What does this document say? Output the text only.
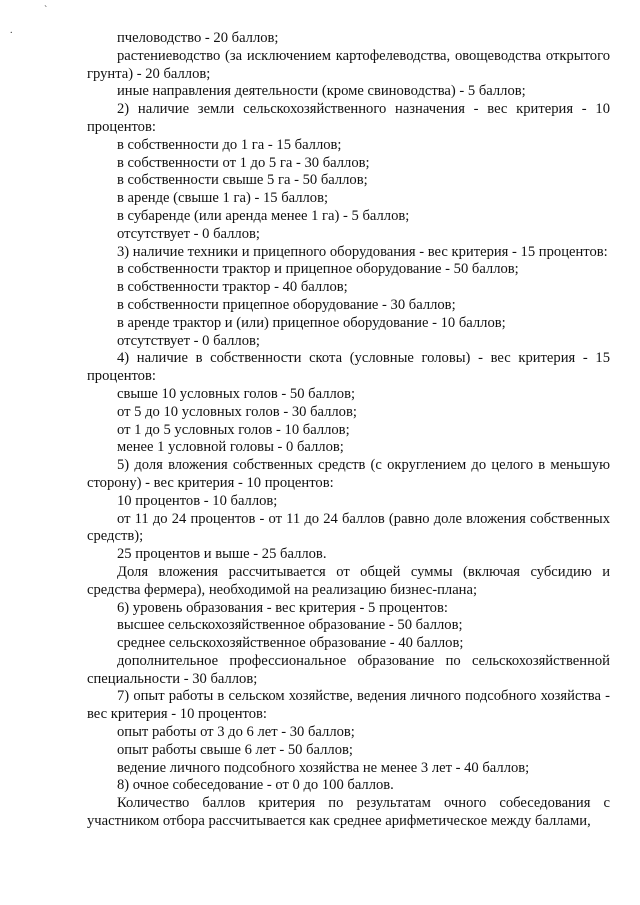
`
.	пчеловодство - 20 баллов;

растениеводство (за исключением картофелеводства, овощеводства открытого грунта) - 20 баллов;

иные направления деятельности (кроме свиноводства) - 5 баллов;

2) наличие земли сельскохозяйственного назначения - вес критерия - 10 процентов:

в собственности до 1 га - 15 баллов;

в собственности от 1 до 5 га - 30 баллов;

в собственности свыше 5 га - 50 баллов;

в аренде (свыше 1 га) - 15 баллов;

в субаренде (или аренда менее 1 га) - 5 баллов;

отсутствует - 0 баллов;

3) наличие техники и прицепного оборудования - вес критерия - 15 процентов:

в собственности трактор и прицепное оборудование - 50 баллов;

в собственности трактор - 40 баллов;

в собственности прицепное оборудование - 30 баллов;

в аренде трактор и (или) прицепное оборудование - 10 баллов;

отсутствует - 0 баллов;

4) наличие в собственности скота (условные головы) - вес критерия - 15 процентов:

свыше 10 условных голов - 50 баллов;

от 5 до 10 условных голов - 30 баллов;

от 1 до 5 условных голов - 10 баллов;

менее 1 условной головы - 0 баллов;

5) доля вложения собственных средств (с округлением до целого в меньшую сторону) - вес критерия - 10 процентов:

10 процентов - 10 баллов;

от 11 до 24 процентов - от 11 до 24 баллов (равно доле вложения собственных средств);

25 процентов и выше - 25 баллов.

Доля вложения рассчитывается от общей суммы (включая субсидию и средства фермера), необходимой на реализацию бизнес-плана;

6) уровень образования - вес критерия - 5 процентов:

высшее сельскохозяйственное образование - 50 баллов;

среднее сельскохозяйственное образование - 40 баллов;

дополнительное профессиональное образование по сельскохозяйственной специальности - 30 баллов;

7) опыт работы в сельском хозяйстве, ведения личного подсобного хозяйства - вес критерия - 10 процентов:

опыт работы от 3 до 6 лет - 30 баллов;

опыт работы свыше 6 лет - 50 баллов;

ведение личного подсобного хозяйства не менее 3 лет - 40 баллов;

8) очное собеседование - от 0 до 100 баллов.

Количество баллов критерия по результатам очного собеседования с участником отбора рассчитывается как среднее арифметическое между баллами,
